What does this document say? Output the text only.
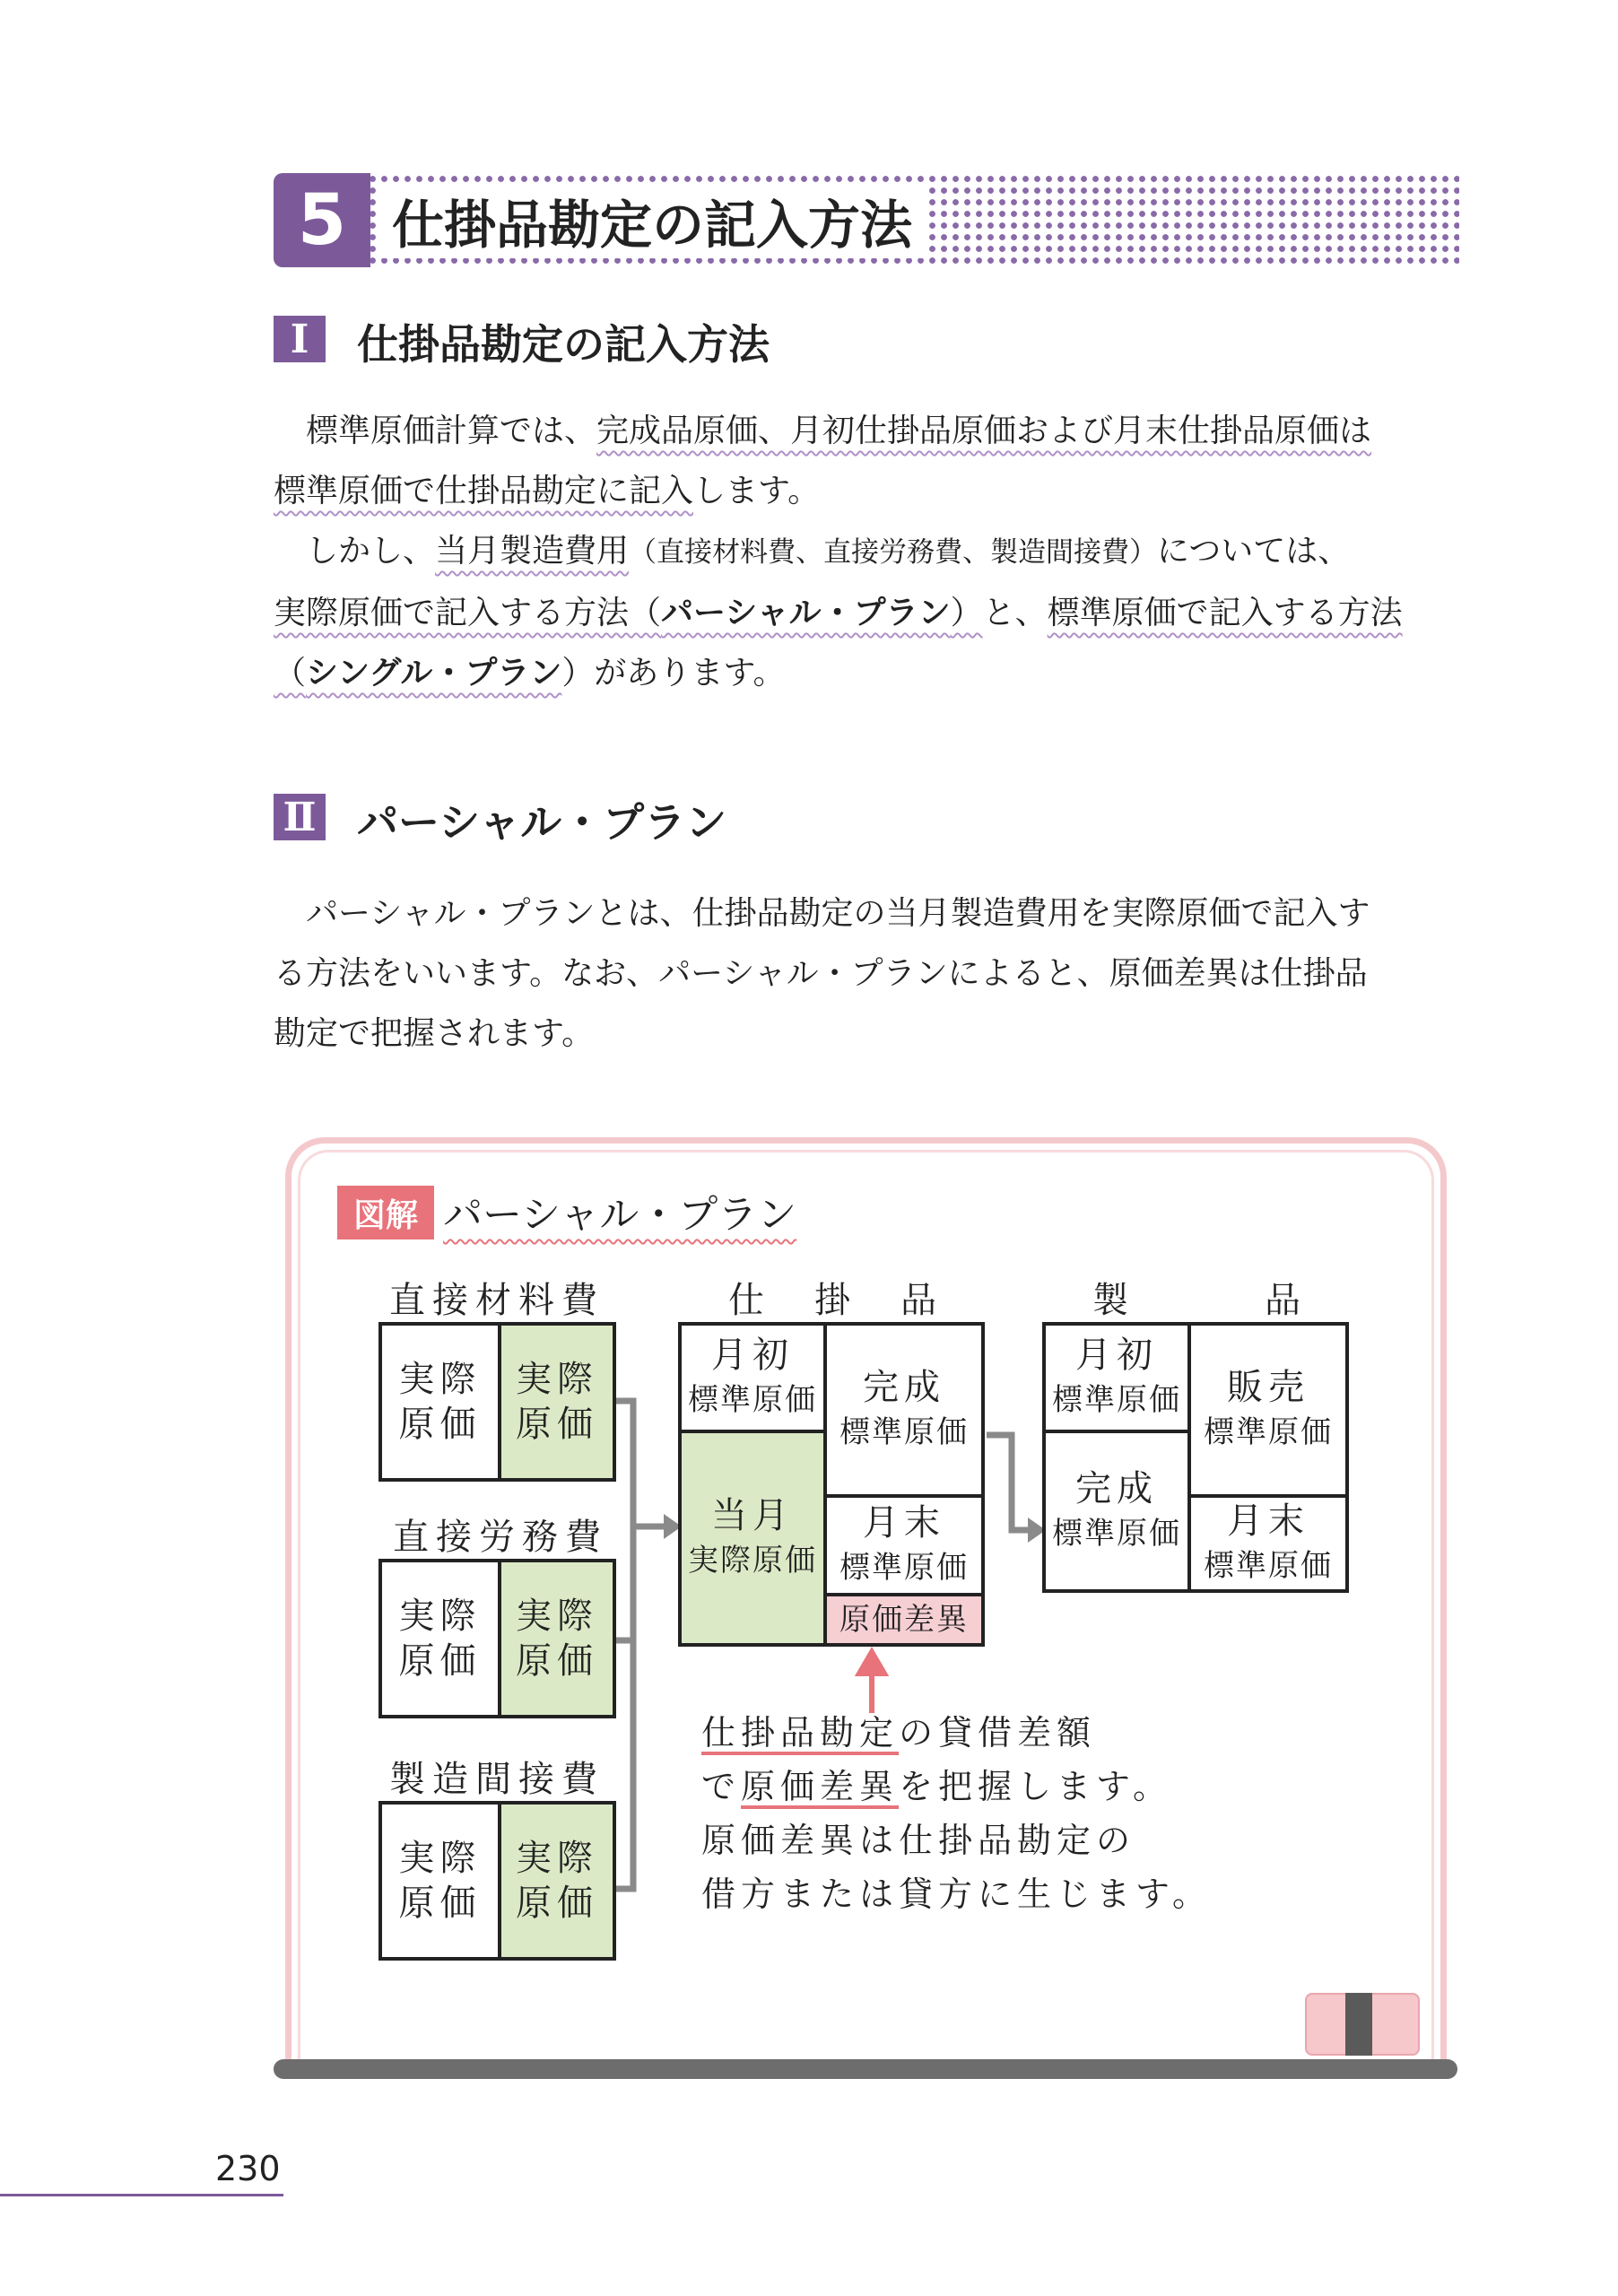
5 仕掛品勘定の記入方法
Ⅰ	仕掛品勘定の記入方法

標準原価計算では、完成品原価、月初仕掛品原価および月末仕掛品原価は

標準原価で仕掛品勘定に記入します。

しかし、当月製造費用（直接材料費、直接労務費、製造間接費）については、

実際原価で記入する方法（パーシャル・プラン）と、標準原価で記入する方法

（シングル・プラン）があります。

Ⅱ パーシャル・プラン

パーシャル・プランとは、仕掛品勘定の当月製造費用を実際原価で記入す

る方法をいいます。なお、パーシャル・プランによると、原価差異は仕掛品

勘定で把握されます。

図解 パーシャル・プラン
直接材料費
実際
原価
実際
原価
直接労務費
実際
原価
実際
原価
製造間接費
実際
原価
実際
原価
仕　掛　品
月初
標準原価
当月
実際原価
完成
標準原価
月末
標準原価
原価差異
製　　　品
月初
標準原価
完成
標準原価
販売
標準原価
月末
標準原価
仕掛品勘定の貸借差額
で原価差異を把握します。
原価差異は仕掛品勘定の
借方または貸方に生じます。
230
